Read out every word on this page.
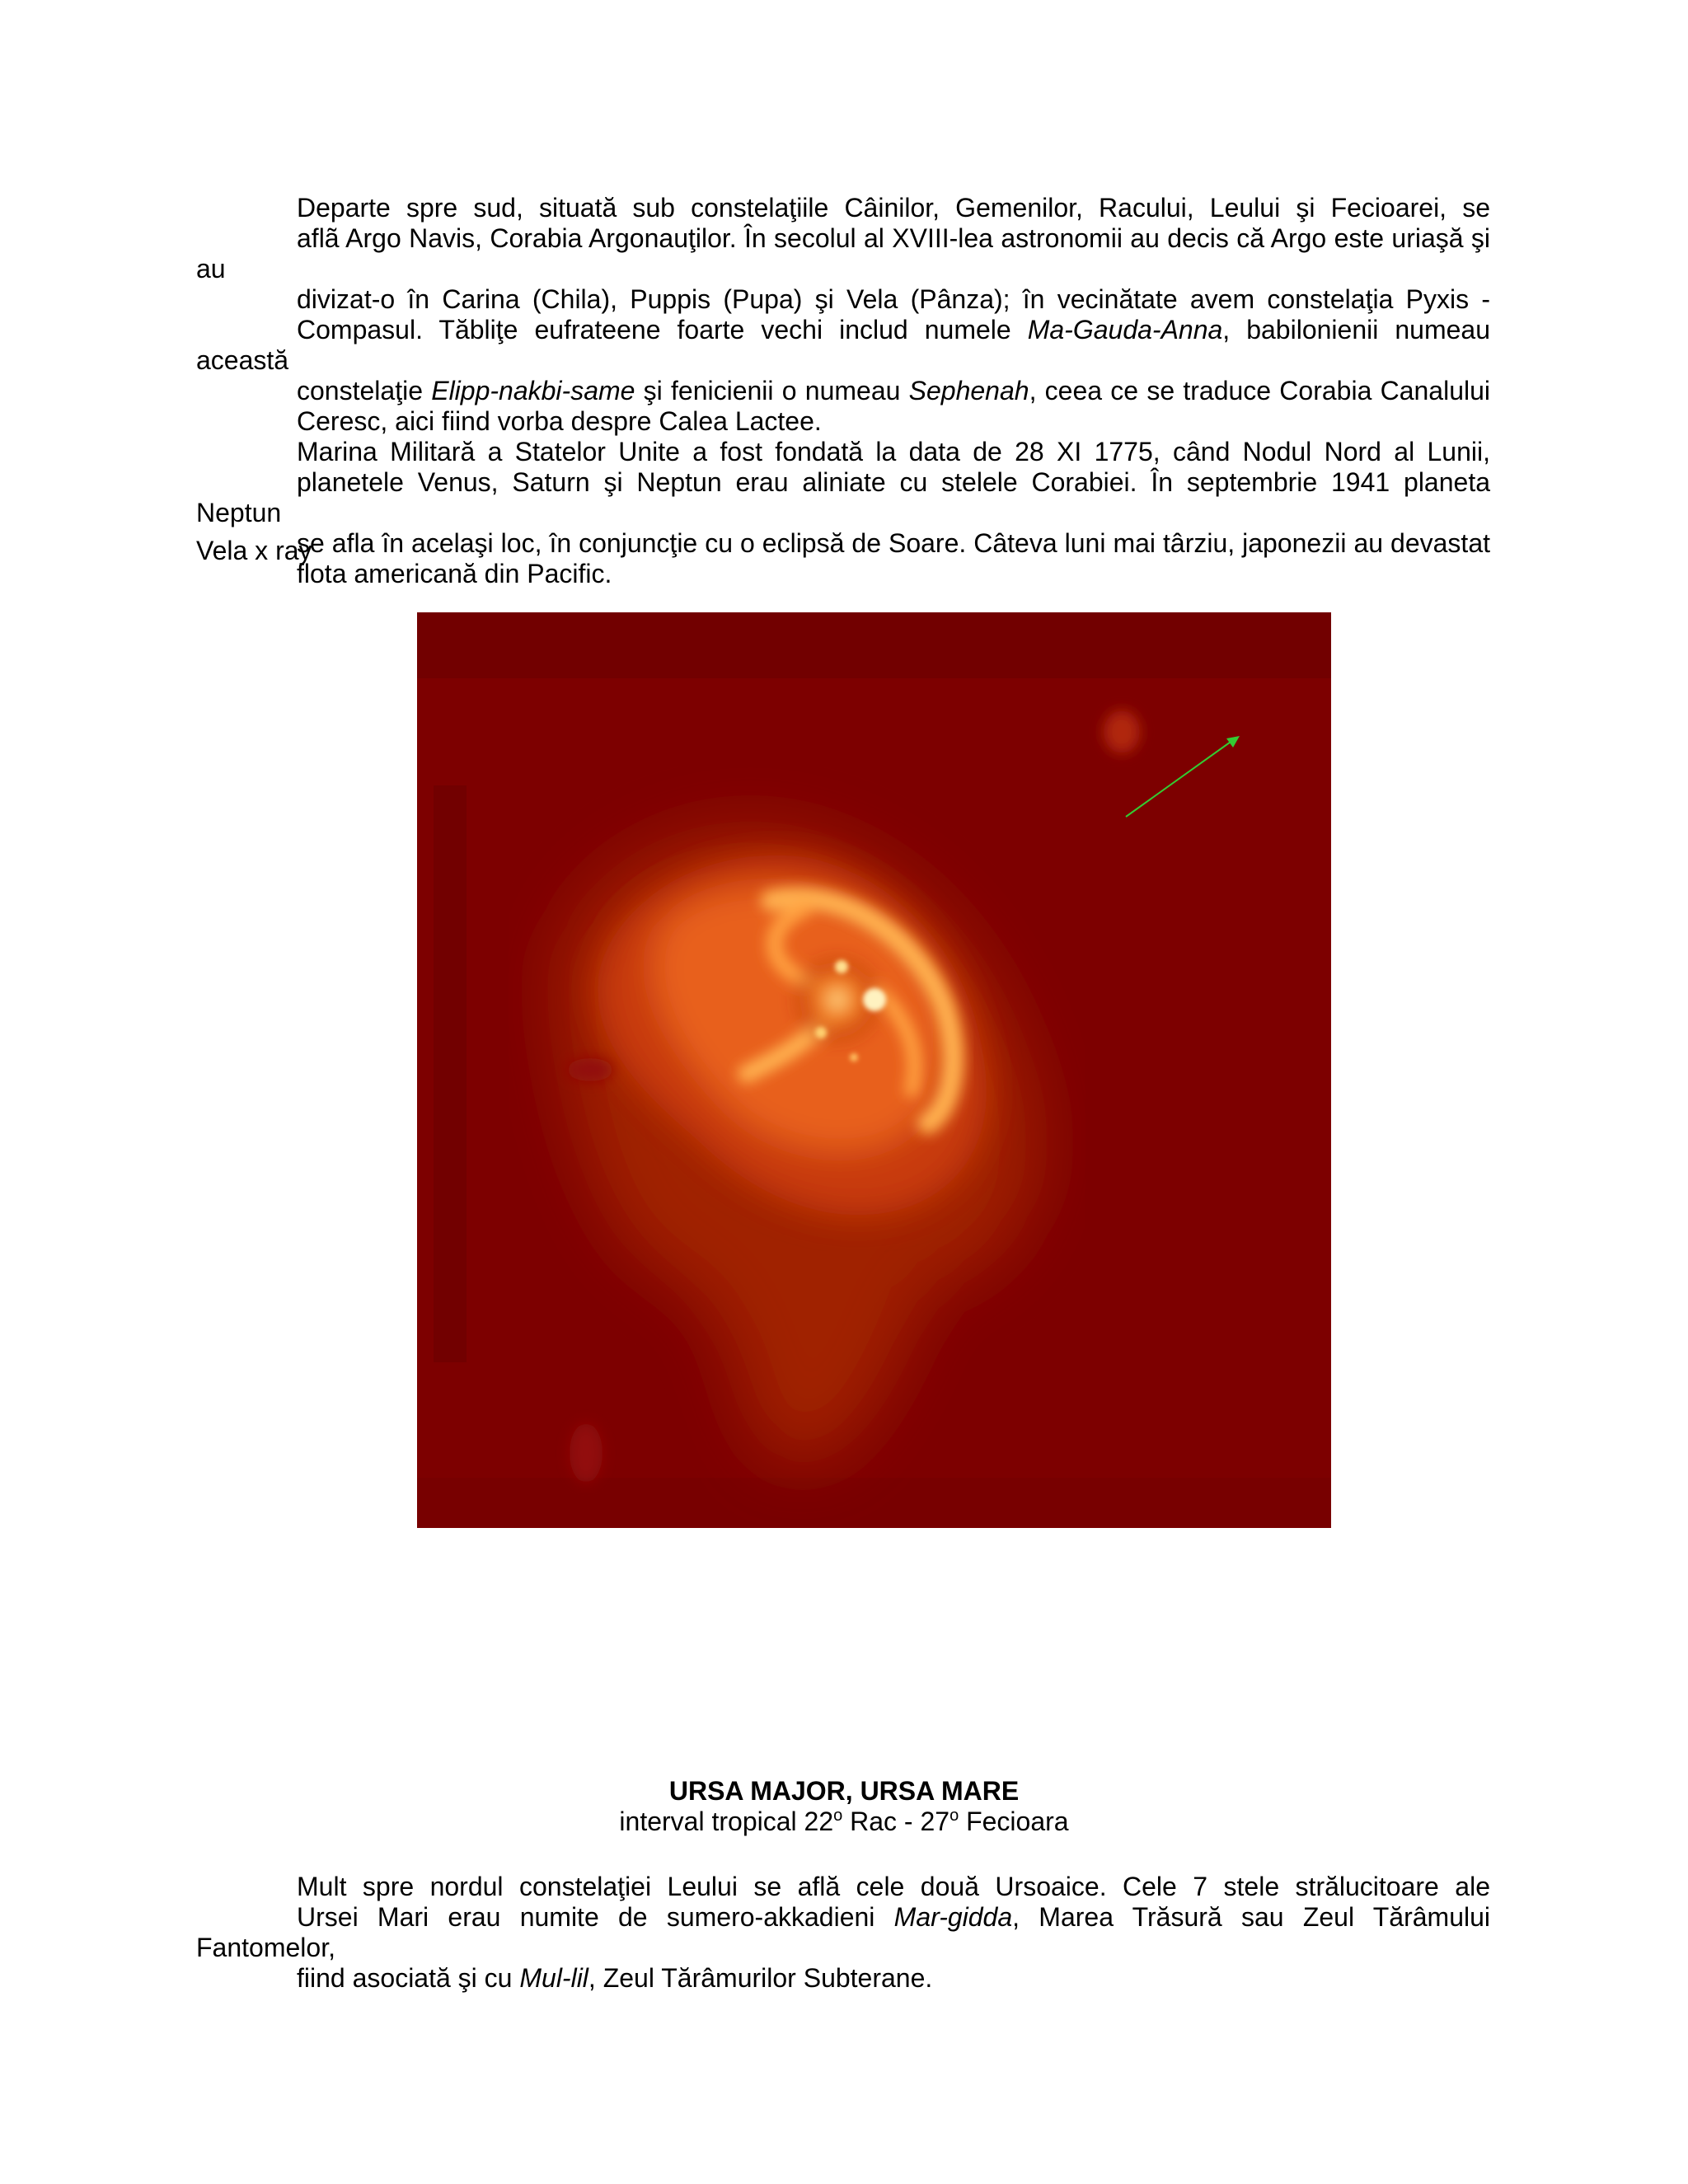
Departe spre sud, situată sub constelaţiile Câinilor, Gemenilor, Racului, Leului şi Fecioarei, se
aflã Argo Navis, Corabia Argonauţilor. În secolul al XVIII-lea astronomii au decis că Argo este uriaşă şi au
divizat-o în Carina (Chila), Puppis (Pupa) şi Vela (Pânza); în vecinătate avem constelaţia Pyxis -
Compasul. Tăbliţe eufrateene foarte vechi includ numele Ma-Gauda-Anna, babilonienii numeau această
constelaţie Elipp-nakbi-same şi fenicienii o numeau Sephenah, ceea ce se traduce Corabia Canalului
Ceresc, aici fiind vorba despre Calea Lactee.

Marina Militară a Statelor Unite a fost fondată la data de 28 XI 1775, când Nodul Nord al Lunii,
planetele Venus, Saturn şi Neptun erau aliniate cu stelele Corabiei. În septembrie 1941 planeta Neptun
se afla în acelaşi loc, în conjuncţie cu o eclipsă de Soare. Câteva luni mai târziu, japonezii au devastat
flota americană din Pacific.

Vela x ray
URSA MAJOR, URSA MARE
interval tropical 22$^o$ Rac - 27$^o$ Fecioara

Mult spre nordul constelaţiei Leului se află cele două Ursoaice. Cele 7 stele strălucitoare ale
Ursei Mari erau numite de sumero-akkadieni Mar-gidda, Marea Trăsură sau Zeul Tărâmului Fantomelor,
fiind asociată şi cu Mul-lil, Zeul Tărâmurilor Subterane.
